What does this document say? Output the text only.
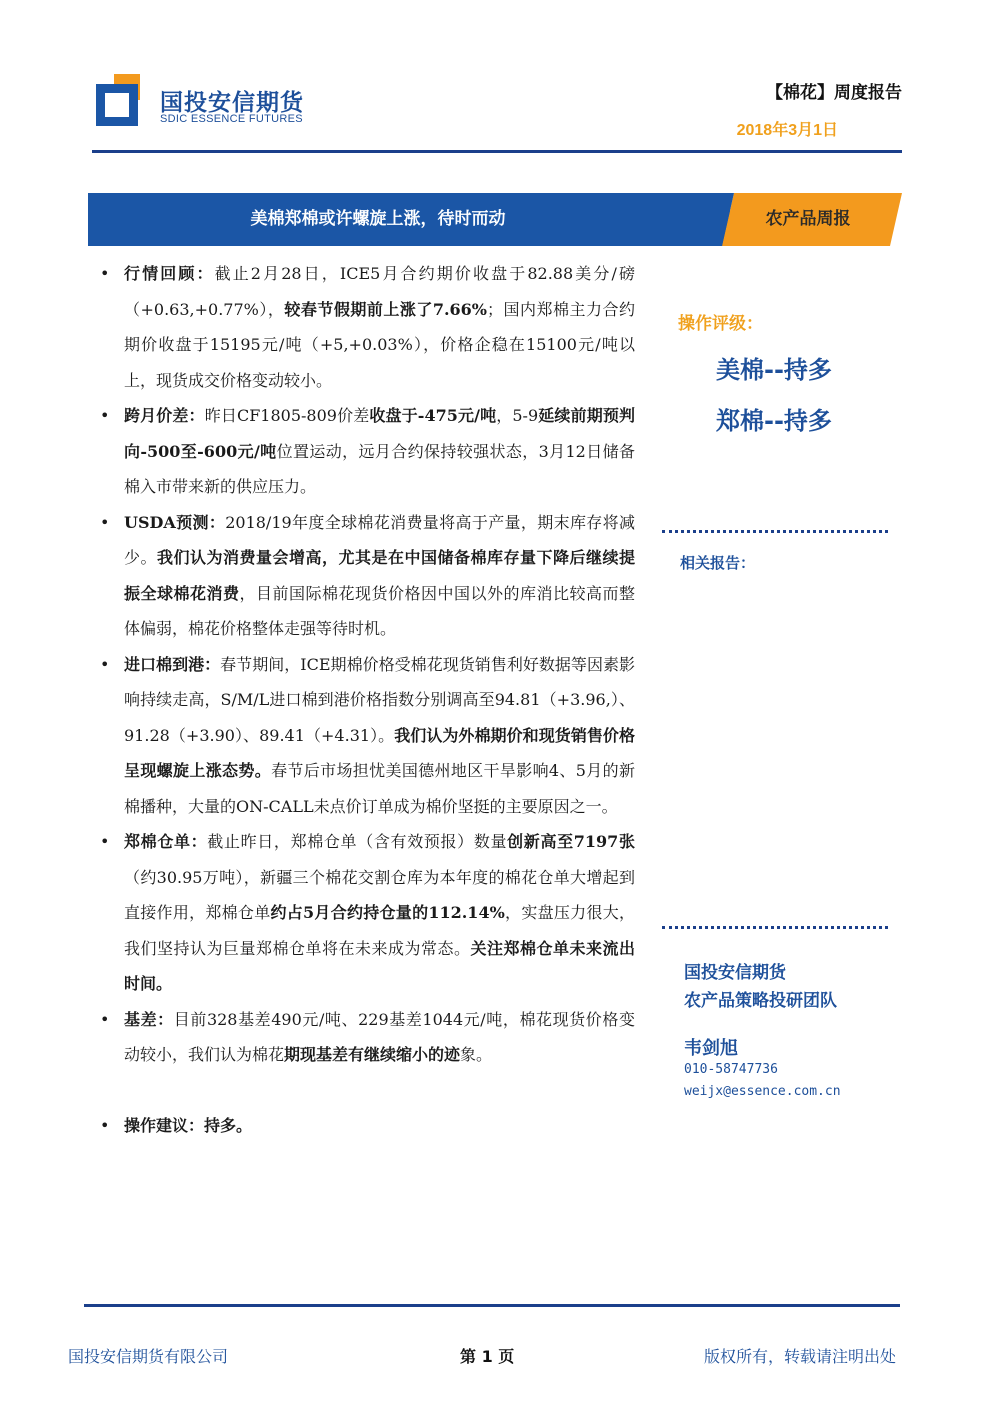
国投安信期货
SDIC ESSENCE FUTURES
【棉花】周度报告
2018年3月1日
美棉郑棉或许螺旋上涨，待时而动	农产品周报
• 行情回顾：截止2月28日，ICE5月合约期价收盘于82.88美分/磅（+0.63,+0.77%），较春节假期前上涨了7.66%；国内郑棉主力合约期价收盘于15195元/吨（+5,+0.03%），价格企稳在15100元/吨以上，现货成交价格变动较小。
• 跨月价差：昨日CF1805-809价差收盘于-475元/吨，5-9延续前期预判向-500至-600元/吨位置运动，远月合约保持较强状态，3月12日储备棉入市带来新的供应压力。
• USDA预测：2018/19年度全球棉花消费量将高于产量，期末库存将减少。我们认为消费量会增高，尤其是在中国储备棉库存量下降后继续提振全球棉花消费，目前国际棉花现货价格因中国以外的库消比较高而整体偏弱，棉花价格整体走强等待时机。
• 进口棉到港：春节期间，ICE期棉价格受棉花现货销售利好数据等因素影响持续走高，S/M/L进口棉到港价格指数分别调高至94.81（+3.96,）、91.28（+3.90）、89.41（+4.31）。我们认为外棉期价和现货销售价格呈现螺旋上涨态势。春节后市场担忧美国德州地区干旱影响4、5月的新棉播种，大量的ON-CALL未点价订单成为棉价坚挺的主要原因之一。
• 郑棉仓单：截止昨日，郑棉仓单（含有效预报）数量创新高至7197张（约30.95万吨），新疆三个棉花交割仓库为本年度的棉花仓单大增起到直接作用，郑棉仓单约占5月合约持仓量的112.14%，实盘压力很大，我们坚持认为巨量郑棉仓单将在未来成为常态。关注郑棉仓单未来流出时间。
• 基差：目前328基差490元/吨、229基差1044元/吨，棉花现货价格变动较小，我们认为棉花期现基差有继续缩小的迹象。
• 操作建议：持多。
操作评级：
美棉--持多
郑棉--持多
相关报告：
国投安信期货
农产品策略投研团队
韦剑旭
010-58747736
weijx@essence.com.cn
国投安信期货有限公司	第 1 页	版权所有，转载请注明出处
